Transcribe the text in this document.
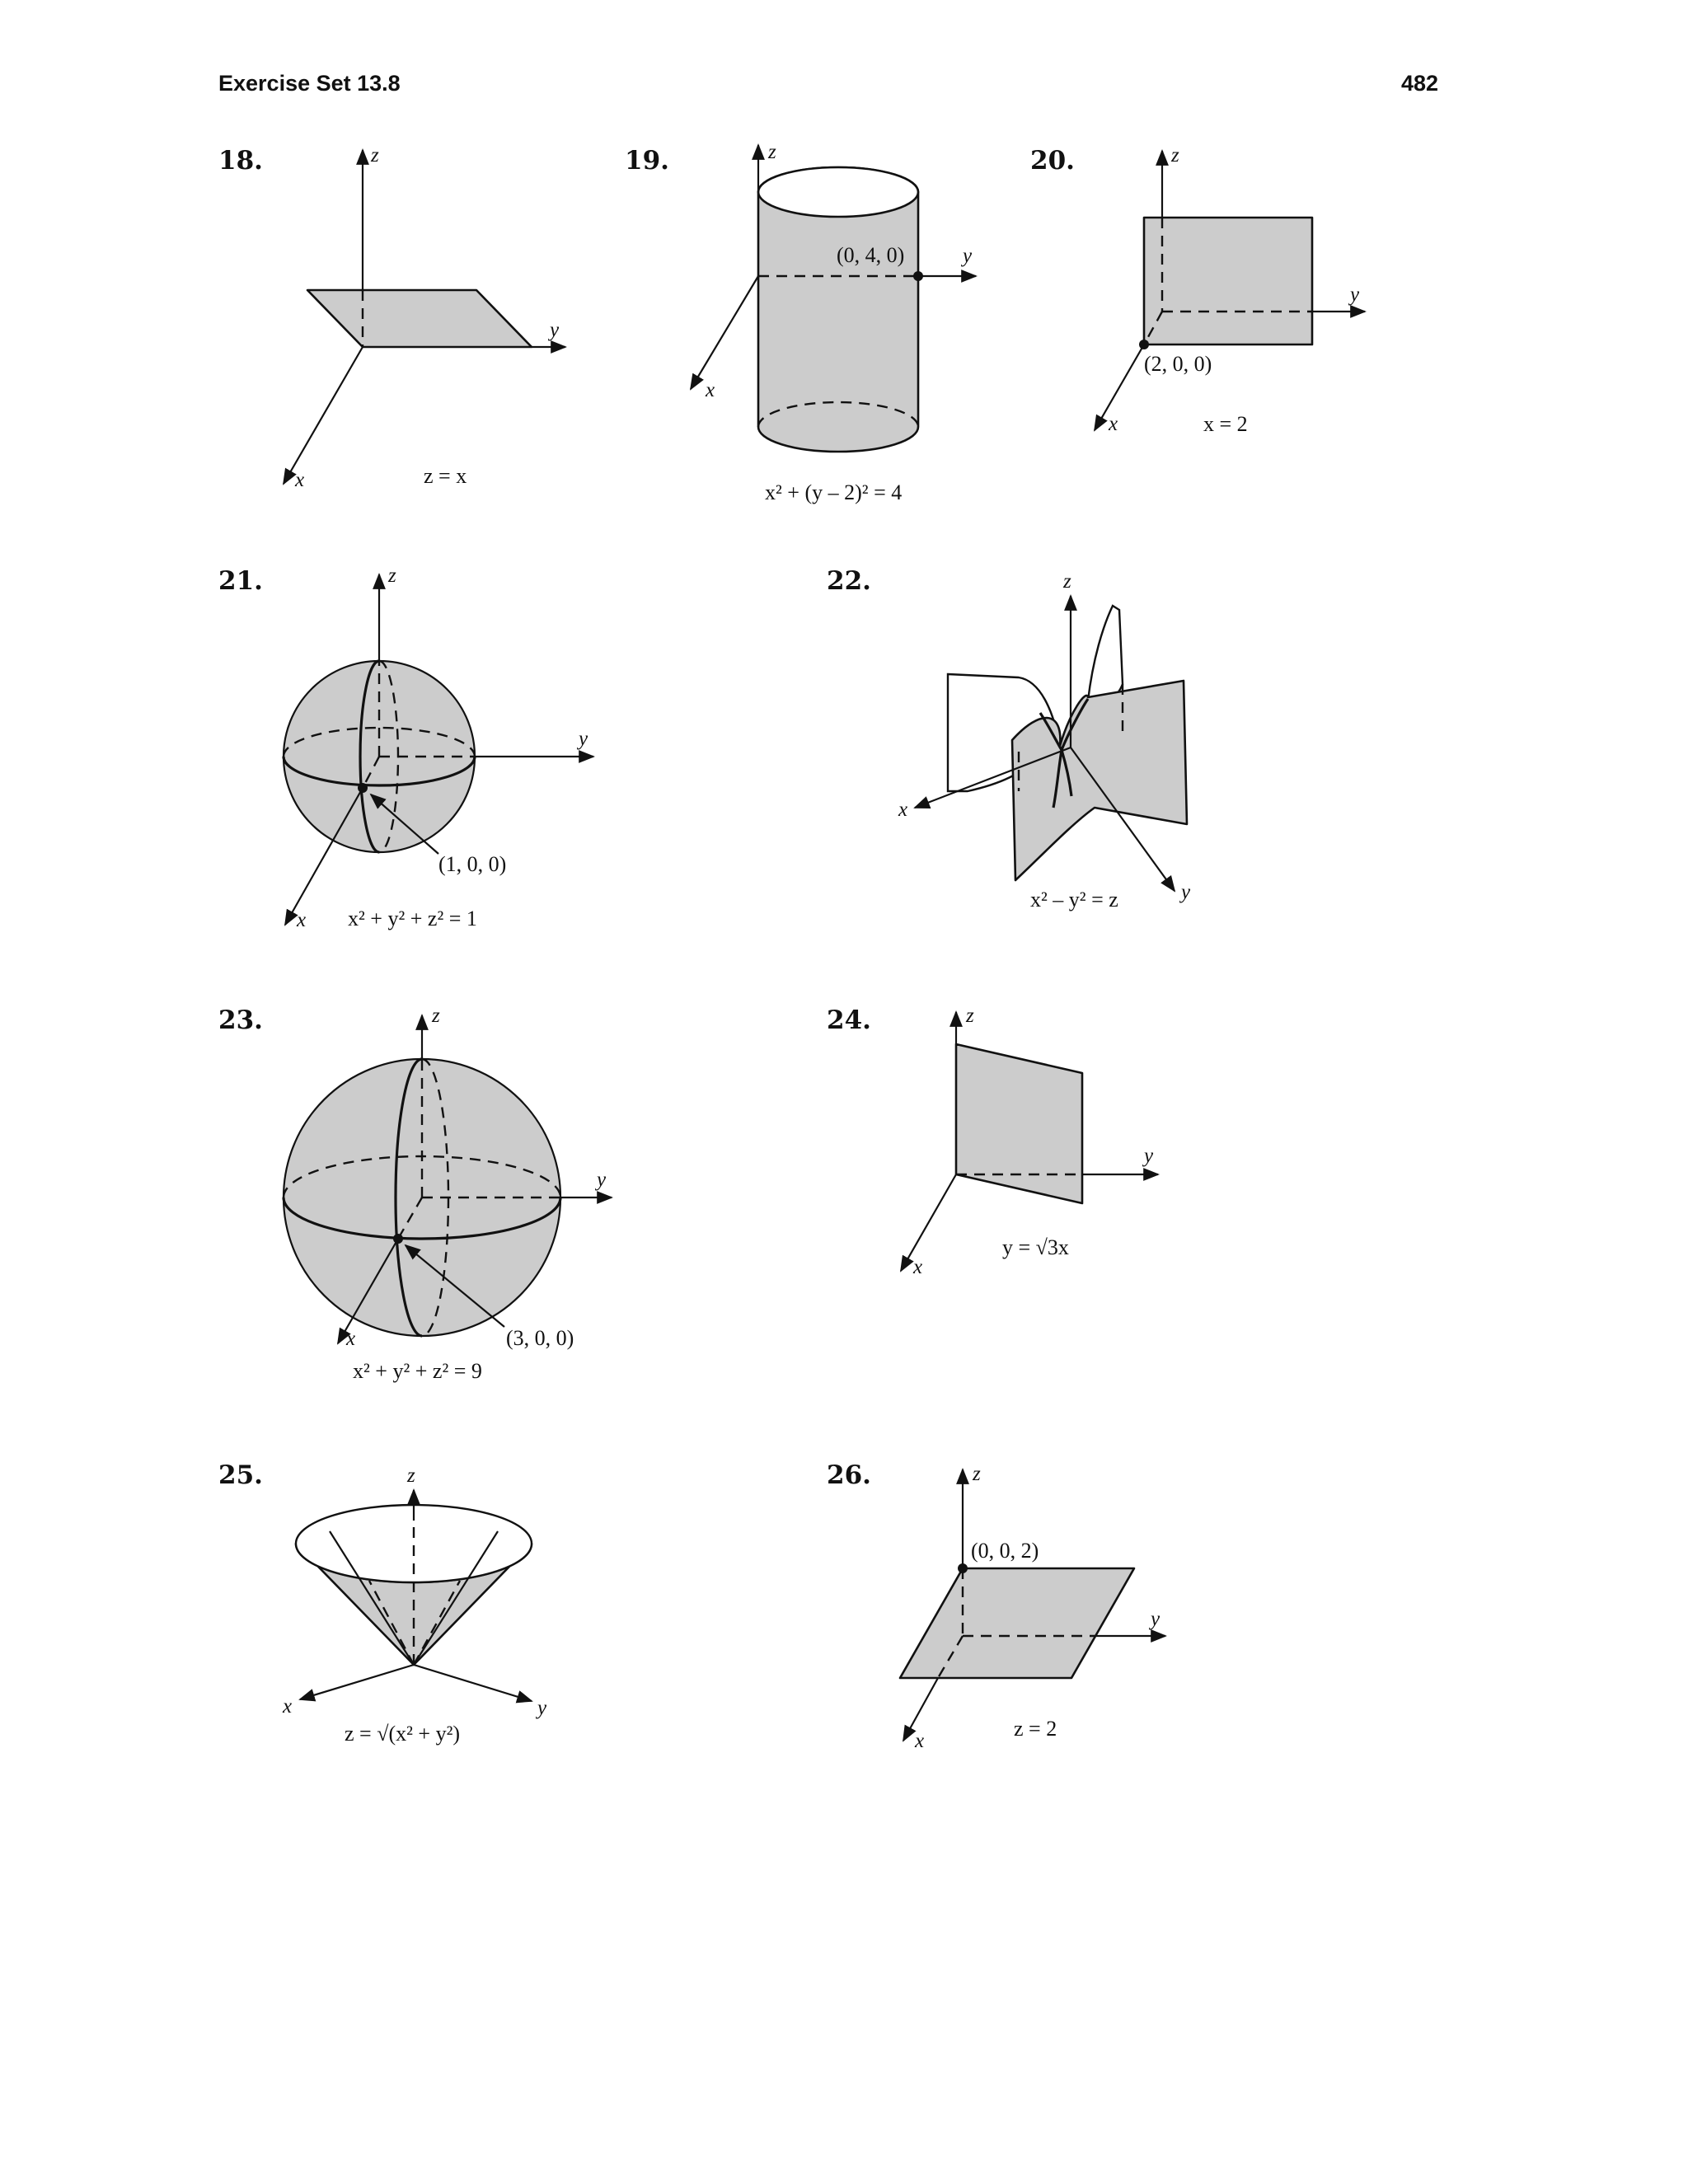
Exercise Set 13.8	482
18.	z
y
x	z = x
19.	z
y
x
(0, 4, 0)
x² + (y – 2)² = 4
20.	z
y
x
(2, 0, 0)
x = 2
21.	z
y
x
(1, 0, 0)
x² + y² + z² = 1
22.	z
x
y
x² – y² = z
23.	z
y
x	(3, 0, 0)
x² + y² + z² = 9
24.	z
y
x
y = √3x
25.	z
x	y
z = √(x² + y²)
26.	z
y
x
(0, 0, 2)
z = 2
